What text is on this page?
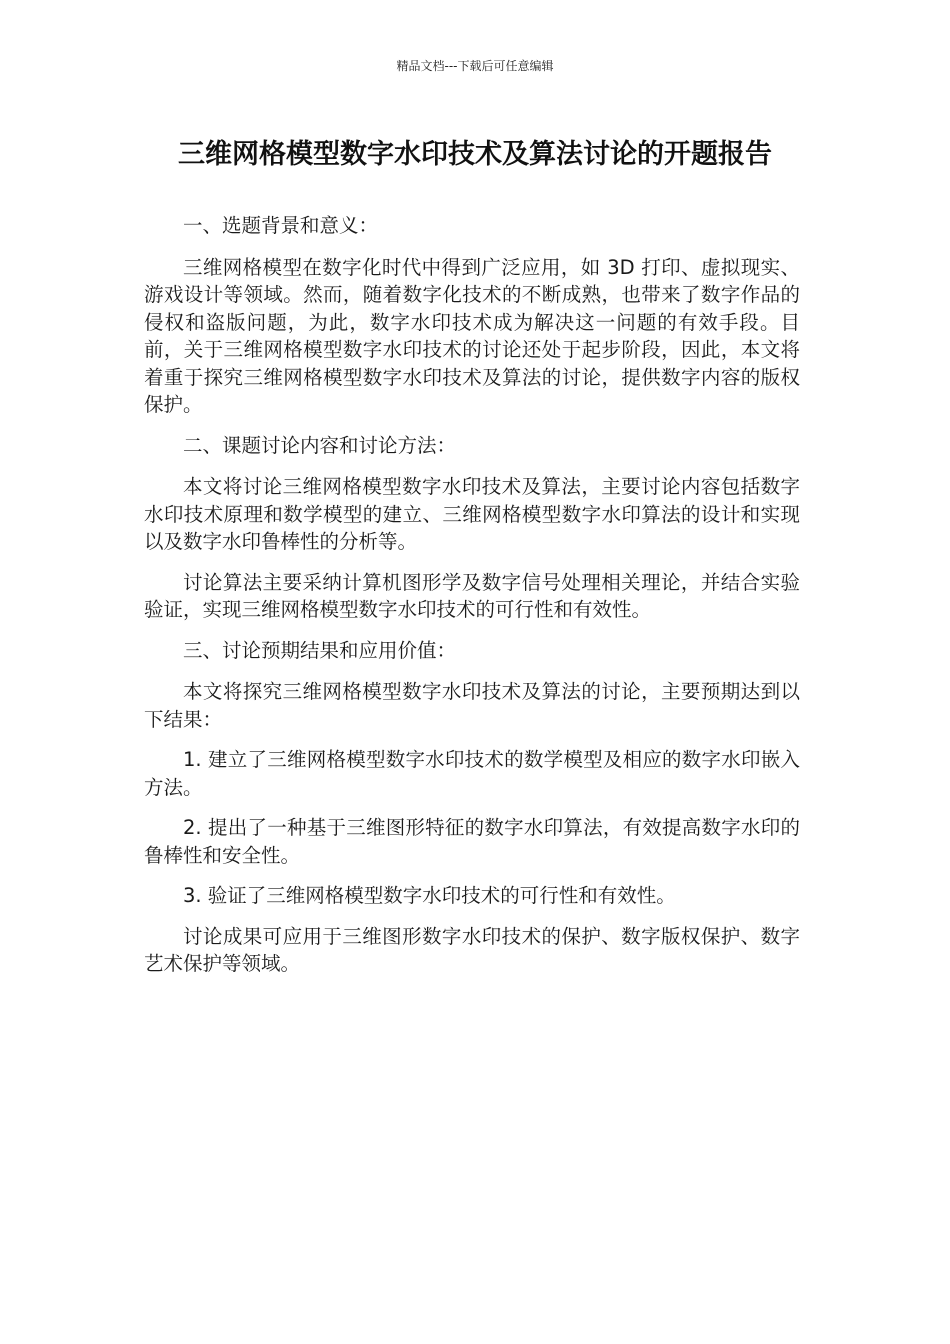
精品文档---下载后可任意编辑
三维网格模型数字水印技术及算法讨论的开题报告

一、选题背景和意义：

三维网格模型在数字化时代中得到广泛应用，如 3D 打印、虚拟现实、游戏设计等领域。然而，随着数字化技术的不断成熟，也带来了数字作品的侵权和盗版问题，为此，数字水印技术成为解决这一问题的有效手段。目前，关于三维网格模型数字水印技术的讨论还处于起步阶段，因此，本文将着重于探究三维网格模型数字水印技术及算法的讨论，提供数字内容的版权保护。

二、课题讨论内容和讨论方法：

本文将讨论三维网格模型数字水印技术及算法，主要讨论内容包括数字水印技术原理和数学模型的建立、三维网格模型数字水印算法的设计和实现以及数字水印鲁棒性的分析等。

讨论算法主要采纳计算机图形学及数字信号处理相关理论，并结合实验验证，实现三维网格模型数字水印技术的可行性和有效性。

三、讨论预期结果和应用价值：

本文将探究三维网格模型数字水印技术及算法的讨论，主要预期达到以下结果：

1. 建立了三维网格模型数字水印技术的数学模型及相应的数字水印嵌入方法。

2. 提出了一种基于三维图形特征的数字水印算法，有效提高数字水印的鲁棒性和安全性。

3. 验证了三维网格模型数字水印技术的可行性和有效性。

讨论成果可应用于三维图形数字水印技术的保护、数字版权保护、数字艺术保护等领域。
